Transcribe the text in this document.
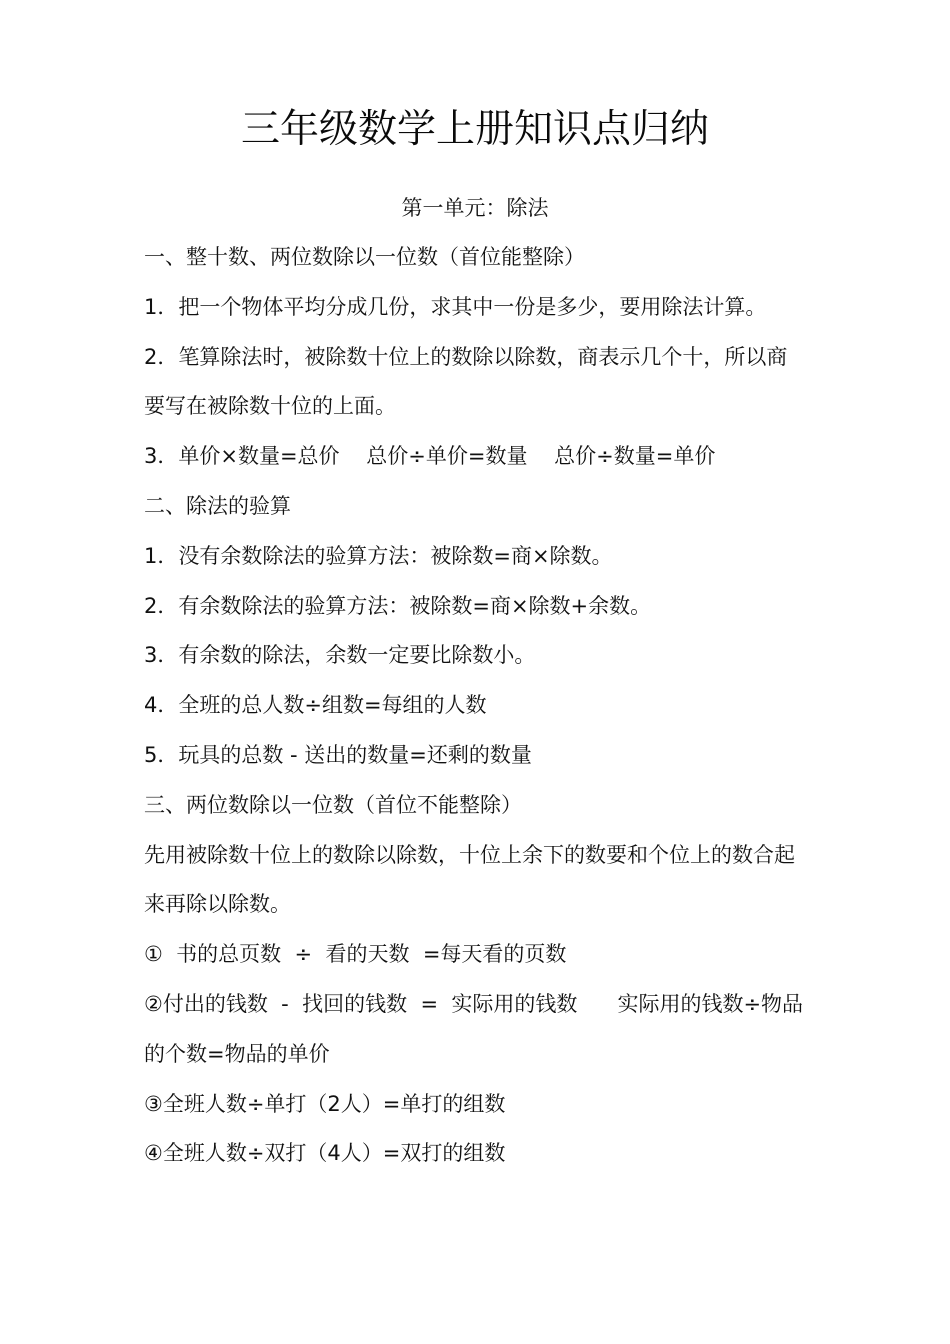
三年级数学上册知识点归纳
第一单元：除法
一、整十数、两位数除以一位数（首位能整除）
1．把一个物体平均分成几份，求其中一份是多少，要用除法计算。
2．笔算除法时，被除数十位上的数除以除数，商表示几个十，所以商
要写在被除数十位的上面。
3．单价×数量=总价    总价÷单价=数量    总价÷数量=单价
二、除法的验算
1．没有余数除法的验算方法：被除数=商×除数。
2．有余数除法的验算方法：被除数=商×除数+余数。
3．有余数的除法，余数一定要比除数小。
4．全班的总人数÷组数=每组的人数
5．玩具的总数 - 送出的数量=还剩的数量
三、两位数除以一位数（首位不能整除）
先用被除数十位上的数除以除数，十位上余下的数要和个位上的数合起
来再除以除数。
①  书的总页数  ÷  看的天数  =每天看的页数
②付出的钱数  -  找回的钱数  =  实际用的钱数      实际用的钱数÷物品
的个数=物品的单价
③全班人数÷单打（2人）=单打的组数
④全班人数÷双打（4人）=双打的组数
